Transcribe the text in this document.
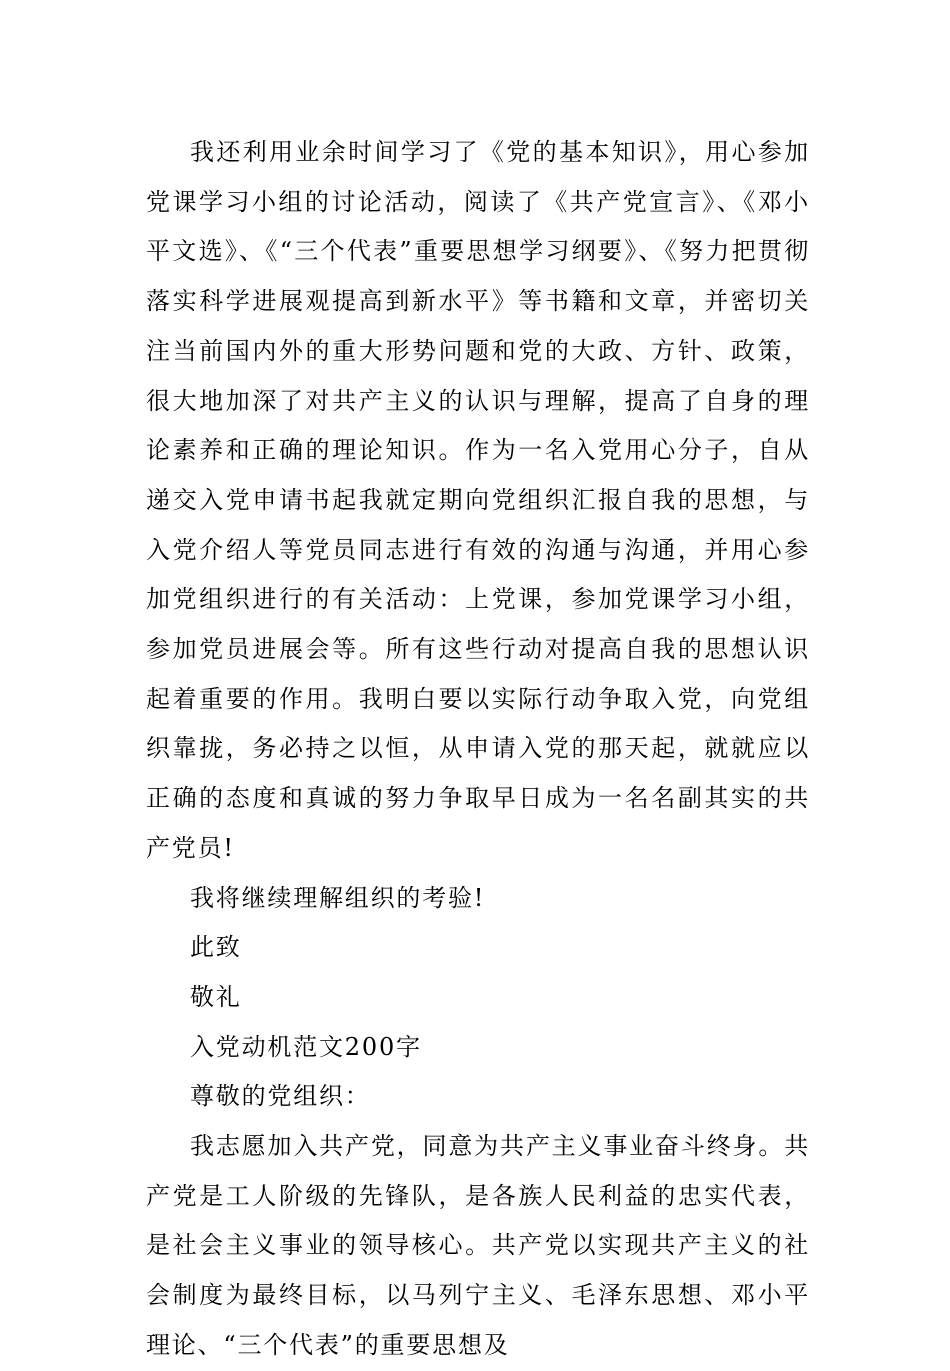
我还利用业余时间学习了《党的基本知识》，用心参加党课学习小组的讨论活动，阅读了《共产党宣言》、《邓小平文选》、《“三个代表”重要思想学习纲要》、《努力把贯彻落实科学进展观提高到新水平》等书籍和文章，并密切关注当前国内外的重大形势问题和党的大政、方针、政策，很大地加深了对共产主义的认识与理解，提高了自身的理论素养和正确的理论知识。作为一名入党用心分子，自从递交入党申请书起我就定期向党组织汇报自我的思想，与入党介绍人等党员同志进行有效的沟通与沟通，并用心参加党组织进行的有关活动：上党课，参加党课学习小组，参加党员进展会等。所有这些行动对提高自我的思想认识起着重要的作用。我明白要以实际行动争取入党，向党组织靠拢，务必持之以恒，从申请入党的那天起，就就应以正确的态度和真诚的努力争取早日成为一名名副其实的共产党员!

我将继续理解组织的考验!

此致

敬礼

入党动机范文200字

尊敬的党组织：

我志愿加入共产党，同意为共产主义事业奋斗终身。共产党是工人阶级的先锋队，是各族人民利益的忠实代表，是社会主义事业的领导核心。共产党以实现共产主义的社会制度为最终目标，以马列宁主义、毛泽东思想、邓小平理论、“三个代表”的重要思想及
